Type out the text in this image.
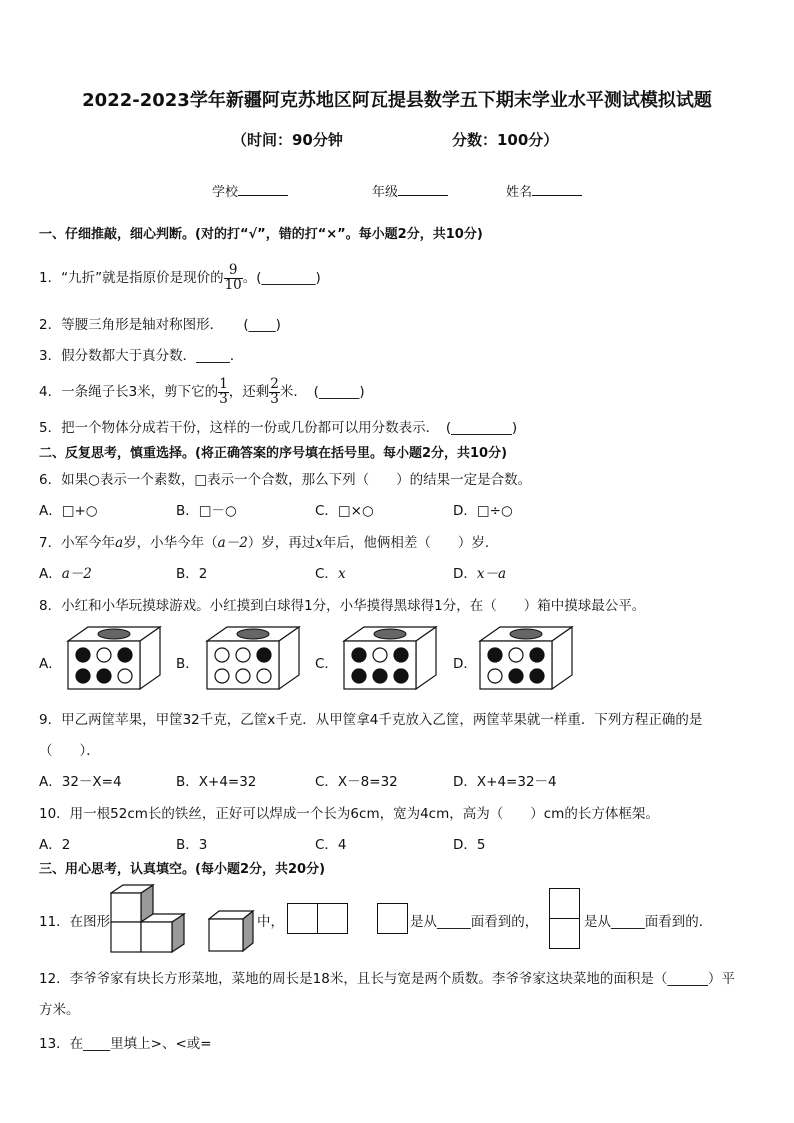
2022-2023学年新疆阿克苏地区阿瓦提县数学五下期末学业水平测试模拟试题
（时间：90分钟	分数：100分）
学校	年级	姓名
一、仔细推敲，细心判断。(对的打“√”，错的打“×”。每小题2分，共10分)
1．“九折”就是指原价是现价的 $\frac{9}{10}$ 。(________)
2．等腰三角形是轴对称图形．　　(____)
3．假分数都大于真分数．_____．
4．一条绳子长3米，剪下它的 $\frac{1}{3}$ ，还剩 $\frac{2}{3}$ 米．　(______)
5．把一个物体分成若干份，这样的一份或几份都可以用分数表示．　(_________)
二、反复思考，慎重选择。(将正确答案的序号填在括号里。每小题2分，共10分)
6．如果○表示一个素数，□表示一个合数，那么下列（　　）的结果一定是合数。
A．□+○	B．□－○	C．□×○	D．□÷○
7．小军今年a岁，小华今年（a－2）岁，再过x年后，他俩相差（　　）岁．
A．a－2	B．2	C．x	D．x－a
8．小红和小华玩摸球游戏。小红摸到白球得1分，小华摸得黑球得1分，在（　　）箱中摸球最公平。
A．	B．	C．	D．
9．甲乙两筐苹果，甲筐32千克，乙筐x千克．从甲筐拿4千克放入乙筐，两筐苹果就一样重．下列方程正确的是
（　　）．
A．32－X=4	B．X+4=32	C．X－8=32	D．X+4=32－4
10．用一根52cm长的铁丝，正好可以焊成一个长为6cm，宽为4cm，高为（　　）cm的长方体框架。
A．2	B．3	C．4	D．5
三、用心思考，认真填空。(每小题2分，共20分)
11．在图形	中，	是从_____面看到的，	是从_____面看到的．
12．李爷爷家有块长方形菜地，菜地的周长是18米，且长与宽是两个质数。李爷爷家这块菜地的面积是（______）平
方米。
13．在____里填上>、<或=
